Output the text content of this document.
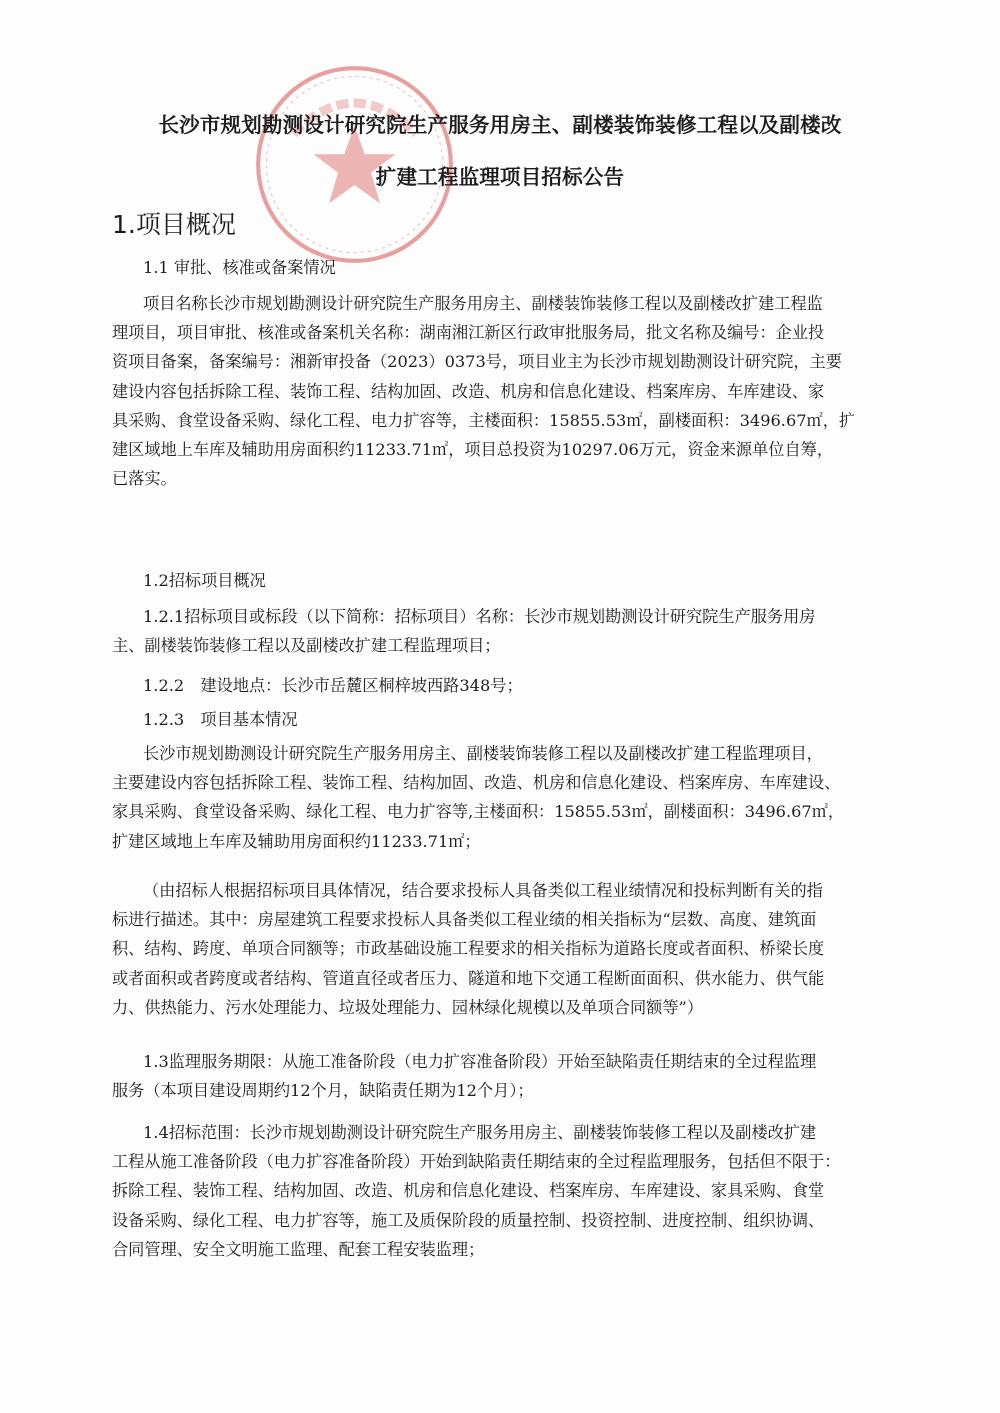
长沙市规划勘测设计研究院生产服务用房主、副楼装饰装修工程以及副楼改
扩建工程监理项目招标公告
1.项目概况
1.1 审批、核准或备案情况
项目名称长沙市规划勘测设计研究院生产服务用房主、副楼装饰装修工程以及副楼改扩建工程监
理项目，项目审批、核准或备案机关名称：湖南湘江新区行政审批服务局，批文名称及编号：企业投
资项目备案，备案编号：湘新审投备（2023）0373号，项目业主为长沙市规划勘测设计研究院，主要
建设内容包括拆除工程、装饰工程、结构加固、改造、机房和信息化建设、档案库房、车库建设、家
具采购、食堂设备采购、绿化工程、电力扩容等，主楼面积：15855.53㎡，副楼面积：3496.67㎡，扩
建区域地上车库及辅助用房面积约11233.71㎡，项目总投资为10297.06万元，资金来源单位自筹，
已落实。
1.2招标项目概况
1.2.1招标项目或标段（以下简称：招标项目）名称：长沙市规划勘测设计研究院生产服务用房
主、副楼装饰装修工程以及副楼改扩建工程监理项目；
1.2.2　建设地点：长沙市岳麓区桐梓坡西路348号；
1.2.3　项目基本情况
长沙市规划勘测设计研究院生产服务用房主、副楼装饰装修工程以及副楼改扩建工程监理项目，
主要建设内容包括拆除工程、装饰工程、结构加固、改造、机房和信息化建设、档案库房、车库建设、
家具采购、食堂设备采购、绿化工程、电力扩容等,主楼面积：15855.53㎡，副楼面积：3496.67㎡，
扩建区域地上车库及辅助用房面积约11233.71㎡；
（由招标人根据招标项目具体情况，结合要求投标人具备类似工程业绩情况和投标判断有关的指
标进行描述。其中：房屋建筑工程要求投标人具备类似工程业绩的相关指标为“层数、高度、建筑面
积、结构、跨度、单项合同额等；市政基础设施工程要求的相关指标为道路长度或者面积、桥梁长度
或者面积或者跨度或者结构、管道直径或者压力、隧道和地下交通工程断面面积、供水能力、供气能
力、供热能力、污水处理能力、垃圾处理能力、园林绿化规模以及单项合同额等”）
1.3监理服务期限：从施工准备阶段（电力扩容准备阶段）开始至缺陷责任期结束的全过程监理
服务（本项目建设周期约12个月，缺陷责任期为12个月）；
1.4招标范围：长沙市规划勘测设计研究院生产服务用房主、副楼装饰装修工程以及副楼改扩建
工程从施工准备阶段（电力扩容准备阶段）开始到缺陷责任期结束的全过程监理服务，包括但不限于：
拆除工程、装饰工程、结构加固、改造、机房和信息化建设、档案库房、车库建设、家具采购、食堂
设备采购、绿化工程、电力扩容等，施工及质保阶段的质量控制、投资控制、进度控制、组织协调、
合同管理、安全文明施工监理、配套工程安装监理；
